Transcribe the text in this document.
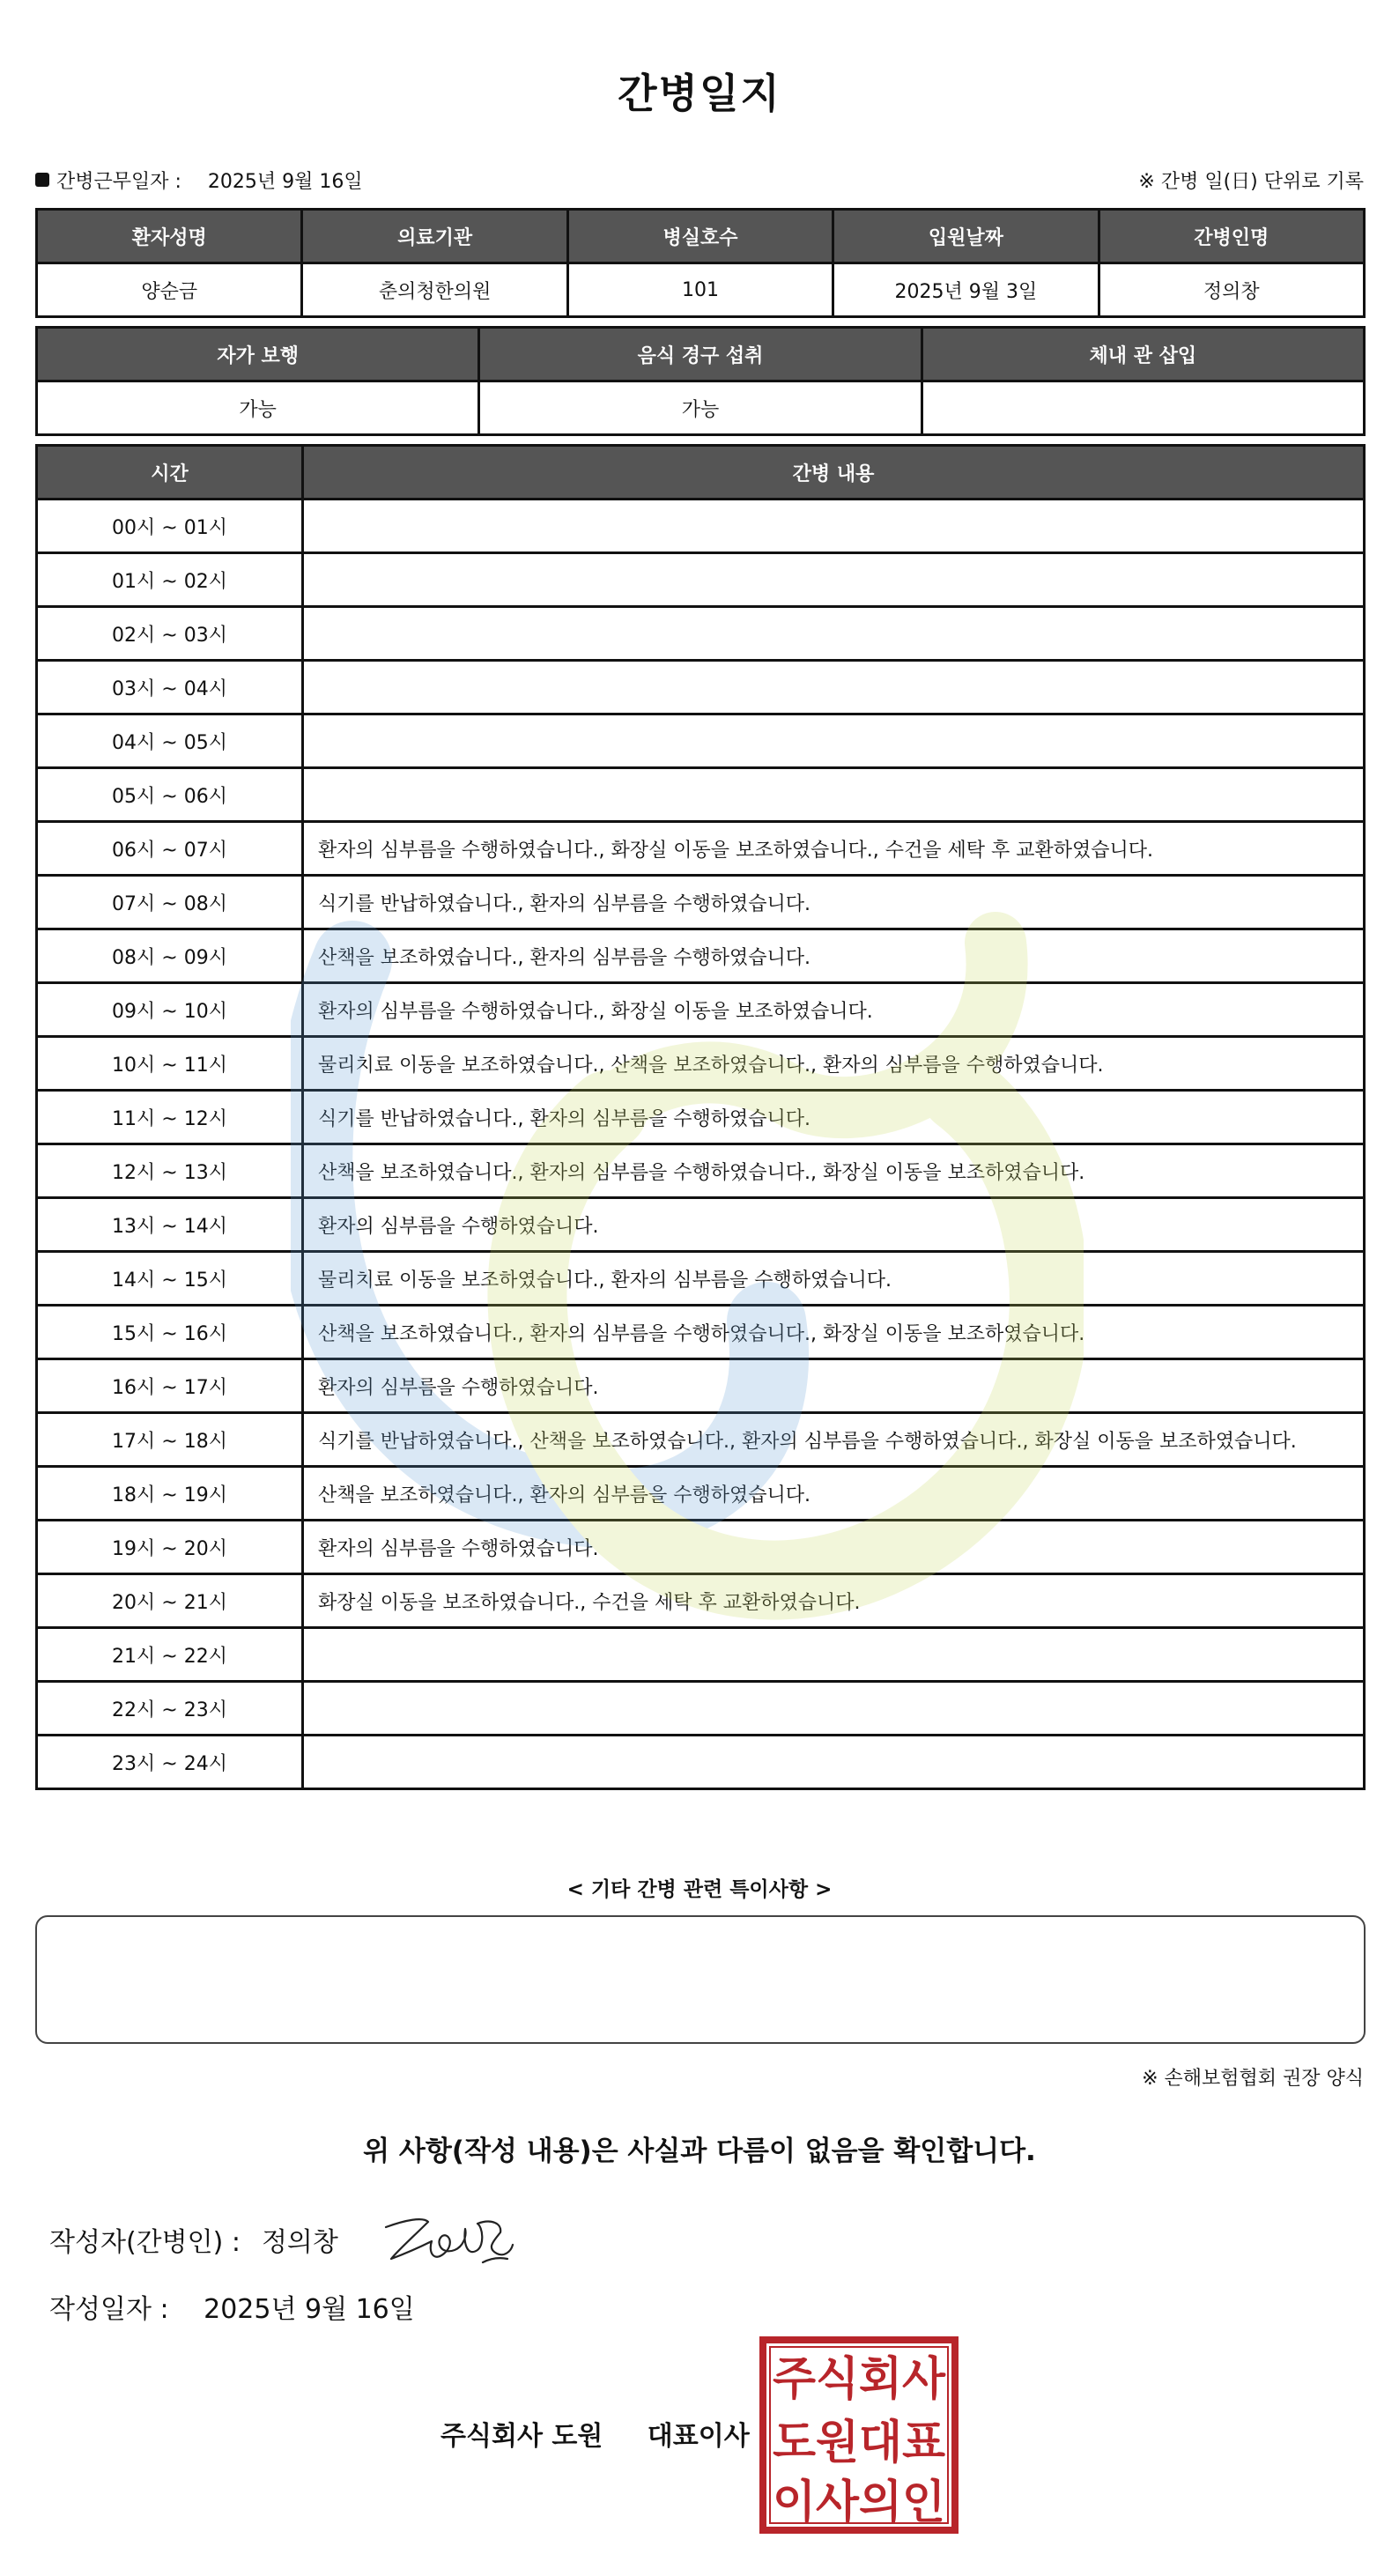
간병일지
간병근무일자 : 2025년 9월 16일	※ 간병 일(日) 단위로 기록
환자성명	의료기관	병실호수	입원날짜	간병인명
양순금	춘의청한의원	101	2025년 9월 3일	정의창
자가 보행	음식 경구 섭취	체내 관 삽입
가능	가능	
시간	간병 내용
00시 ~ 01시	
01시 ~ 02시	
02시 ~ 03시	
03시 ~ 04시	
04시 ~ 05시	
05시 ~ 06시	
06시 ~ 07시	환자의 심부름을 수행하였습니다., 화장실 이동을 보조하였습니다., 수건을 세탁 후 교환하였습니다.
07시 ~ 08시	식기를 반납하였습니다., 환자의 심부름을 수행하였습니다.
08시 ~ 09시	산책을 보조하였습니다., 환자의 심부름을 수행하였습니다.
09시 ~ 10시	환자의 심부름을 수행하였습니다., 화장실 이동을 보조하였습니다.
10시 ~ 11시	물리치료 이동을 보조하였습니다., 산책을 보조하였습니다., 환자의 심부름을 수행하였습니다.
11시 ~ 12시	식기를 반납하였습니다., 환자의 심부름을 수행하였습니다.
12시 ~ 13시	산책을 보조하였습니다., 환자의 심부름을 수행하였습니다., 화장실 이동을 보조하였습니다.
13시 ~ 14시	환자의 심부름을 수행하였습니다.
14시 ~ 15시	물리치료 이동을 보조하였습니다., 환자의 심부름을 수행하였습니다.
15시 ~ 16시	산책을 보조하였습니다., 환자의 심부름을 수행하였습니다., 화장실 이동을 보조하였습니다.
16시 ~ 17시	환자의 심부름을 수행하였습니다.
17시 ~ 18시	식기를 반납하였습니다., 산책을 보조하였습니다., 환자의 심부름을 수행하였습니다., 화장실 이동을 보조하였습니다.
18시 ~ 19시	산책을 보조하였습니다., 환자의 심부름을 수행하였습니다.
19시 ~ 20시	환자의 심부름을 수행하였습니다.
20시 ~ 21시	화장실 이동을 보조하였습니다., 수건을 세탁 후 교환하였습니다.
21시 ~ 22시	
22시 ~ 23시	
23시 ~ 24시	
< 기타 간병 관련 특이사항 >
※ 손해보험협회 권장 양식
위 사항(작성 내용)은 사실과 다름이 없음을 확인합니다.
작성자(간병인) : 정의창
작성일자 : 2025년 9월 16일
주식회사 도원 대표이사
주식회사
도원대표
이사의인
